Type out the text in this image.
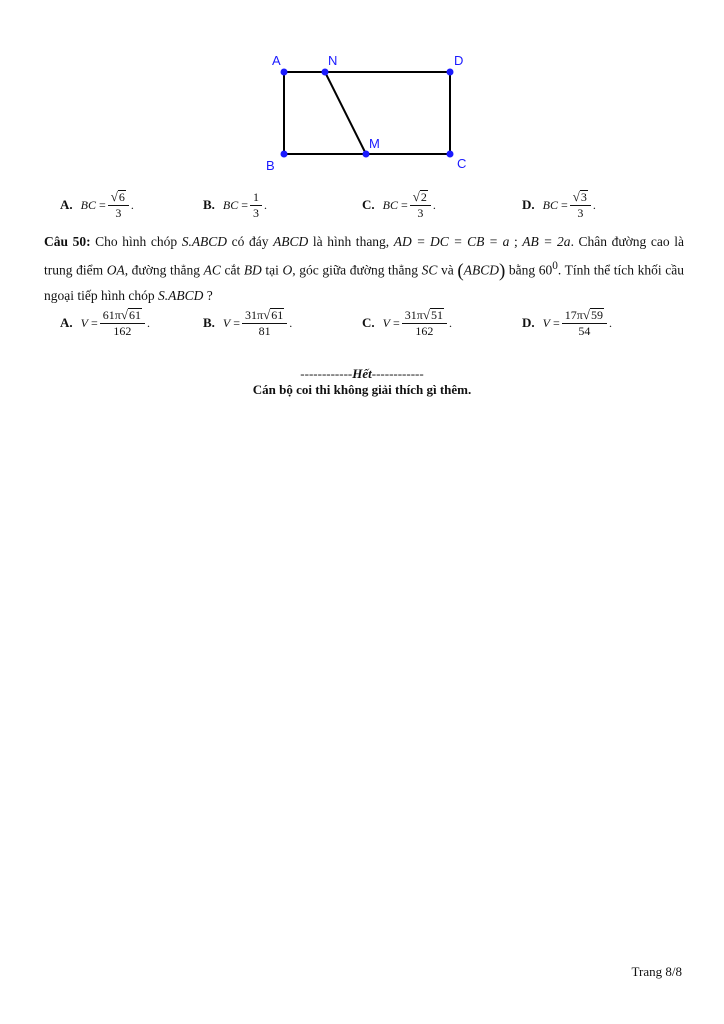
A	N	D
M
B	C
A. BC
= $\frac{√ 6}{3}$ .	B. BC
= $\frac{1}{3}$ .	C. BC
= $\frac{√ 2}{3}$ .	D. BC
= $\frac{√ 3}{3}$ .
Câu 50: Cho hình chóp S.ABCD có đáy ABCD là hình thang, AD = DC = CB = a ; AB = 2a. Chân đường cao là trung điểm OA, đường thẳng AC cắt BD tại O, góc giữa đường thẳng SC và (ABCD) bằng $60^0$. Tính thể tích khối cầu ngoại tiếp hình chóp S.ABCD ?
A. V
= $\frac{61\pi √ 61}{162}$ .	B. V
= $\frac{31\pi √ 61}{81}$ .	C. V
= $\frac{31\pi √ 51}{162}$ .	D. V
= $\frac{17\pi √ 59}{54}$ .
------------Hết------------
Cán bộ coi thi không giải thích gì thêm.
Trang 8/8
